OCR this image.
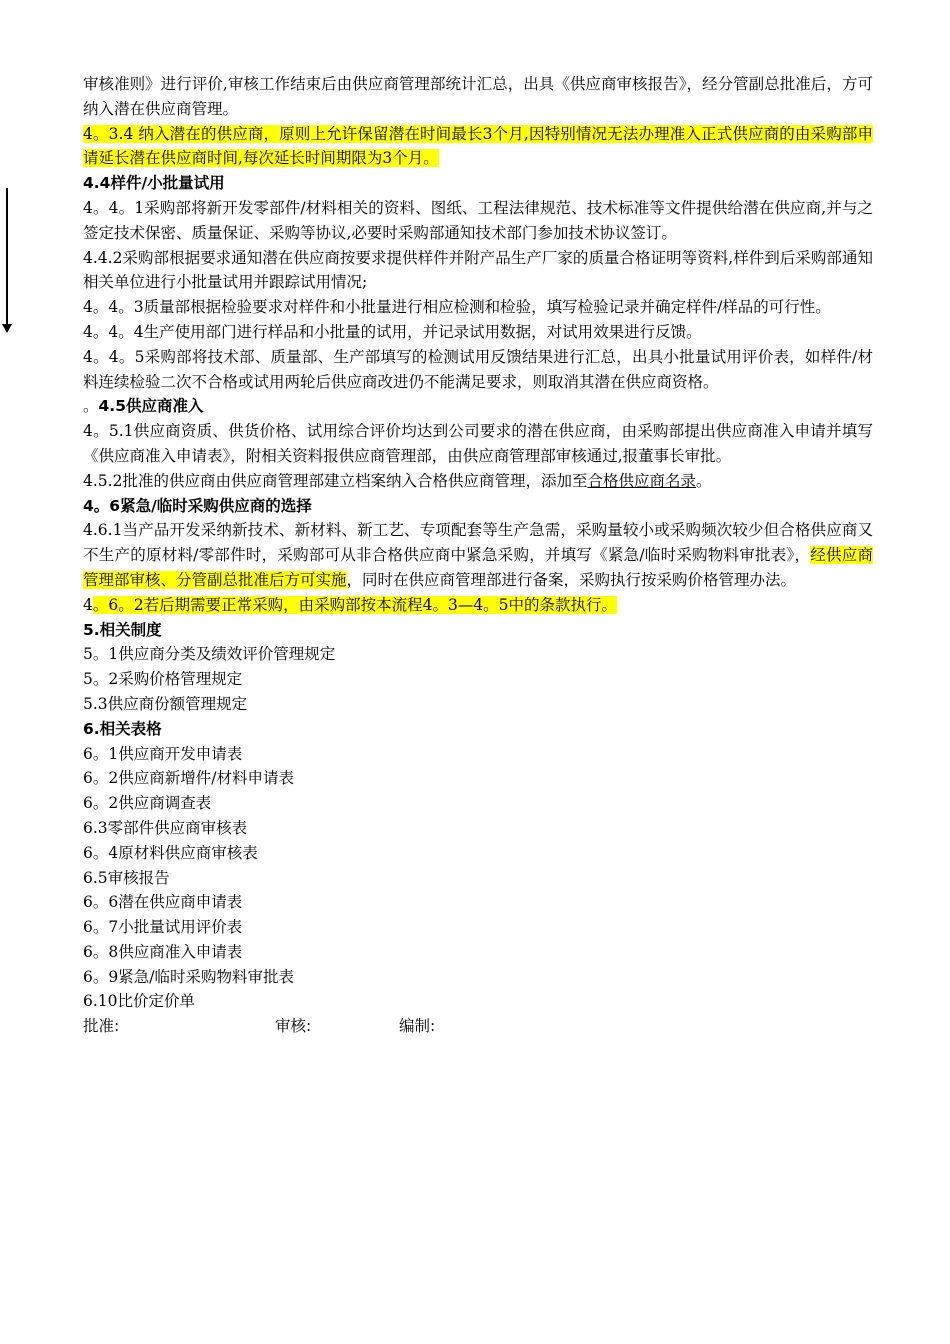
审核准则》进行评价,审核工作结束后由供应商管理部统计汇总，出具《供应商审核报告》，经分管副总批准后，方可纳入潜在供应商管理。

4。3.4 纳入潜在的供应商，原则上允许保留潜在时间最长3个月,因特别情况无法办理准入正式供应商的由采购部申请延长潜在供应商时间,每次延长时间期限为3个月。

4.4样件/小批量试用

4。4。1采购部将新开发零部件/材料相关的资料、图纸、工程法律规范、技术标准等文件提供给潜在供应商,并与之签定技术保密、质量保证、采购等协议,必要时采购部通知技术部门参加技术协议签订。

4.4.2采购部根据要求通知潜在供应商按要求提供样件并附产品生产厂家的质量合格证明等资料,样件到后采购部通知相关单位进行小批量试用并跟踪试用情况;

4。4。3质量部根据检验要求对样件和小批量进行相应检测和检验，填写检验记录并确定样件/样品的可行性。

4。4。4生产使用部门进行样品和小批量的试用，并记录试用数据，对试用效果进行反馈。

4。4。5采购部将技术部、质量部、生产部填写的检测试用反馈结果进行汇总，出具小批量试用评价表，如样件/材料连续检验二次不合格或试用两轮后供应商改进仍不能满足要求，则取消其潜在供应商资格。

。4.5供应商准入

4。5.1供应商资质、供货价格、试用综合评价均达到公司要求的潜在供应商，由采购部提出供应商准入申请并填写《供应商准入申请表》，附相关资料报供应商管理部，由供应商管理部审核通过,报董事长审批。

4.5.2批准的供应商由供应商管理部建立档案纳入合格供应商管理，添加至合格供应商名录。

4。6紧急/临时采购供应商的选择

4.6.1当产品开发采纳新技术、新材料、新工艺、专项配套等生产急需，采购量较小或采购频次较少但合格供应商又不生产的原材料/零部件时，采购部可从非合格供应商中紧急采购，并填写《紧急/临时采购物料审批表》，经供应商管理部审核、分管副总批准后方可实施，同时在供应商管理部进行备案，采购执行按采购价格管理办法。

4。6。2若后期需要正常采购，由采购部按本流程4。3—4。5中的条款执行。

5.相关制度

5。1供应商分类及绩效评价管理规定

5。2采购价格管理规定

5.3供应商份额管理规定

6.相关表格

6。1供应商开发申请表

6。2供应商新增件/材料申请表

6。2供应商调查表

6.3零部件供应商审核表

6。4原材料供应商审核表

6.5审核报告

6。6潜在供应商申请表

6。7小批量试用评价表

6。8供应商准入申请表

6。9紧急/临时采购物料审批表

6.10比价定价单

批准:	审核:	编制:
